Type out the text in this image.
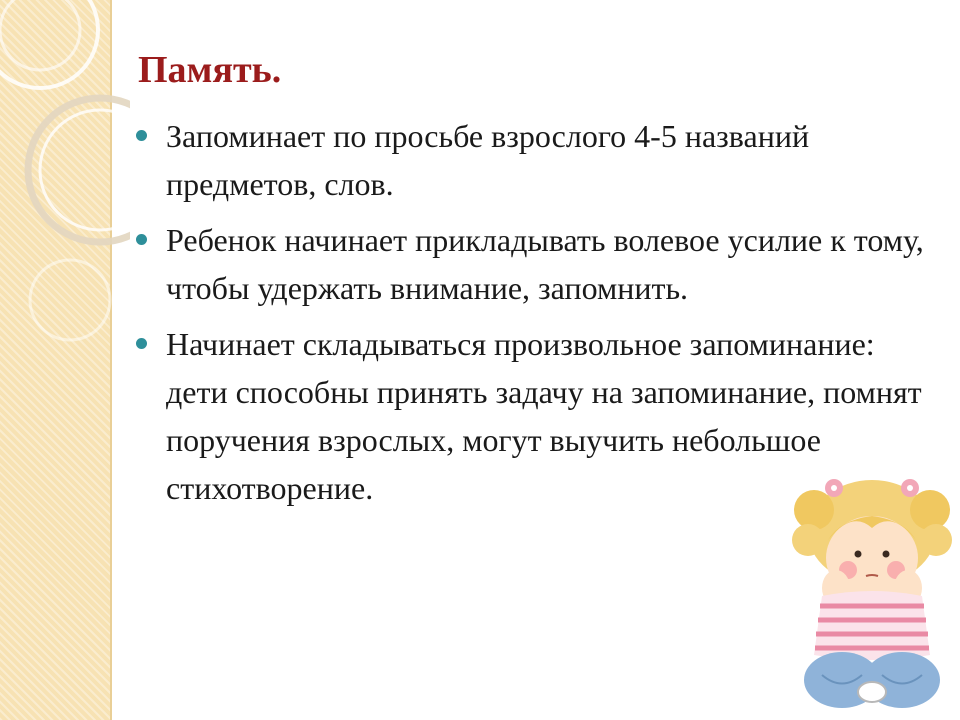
Память.
Запоминает по просьбе взрослого 4-5 названий предметов, слов.
Ребенок начинает прикладывать волевое усилие к тому, чтобы удержать внимание, запомнить.
Начинает складываться произвольное запоминание: дети способны принять задачу на запоминание, помнят поручения взрослых, могут выучить небольшое стихотворение.
